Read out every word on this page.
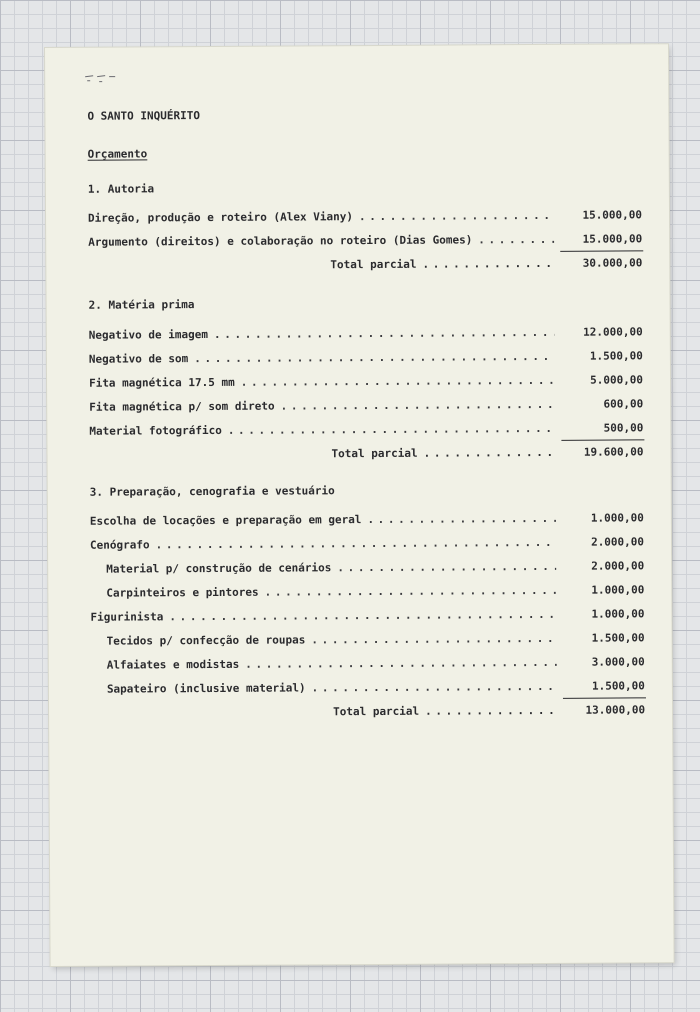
O SANTO INQUÉRITO
Orçamento
1. Autoria
Direção, produção e roteiro (Alex Viany) . . .	15.000,00
Argumento (direitos) e colaboração no roteiro (Dias Gomes) . . .	15.000,00
Total parcial . . .	30.000,00
2. Matéria prima
Negativo de imagem . . .	12.000,00
Negativo de som . . .	1.500,00
Fita magnética 17.5 mm . . .	5.000,00
Fita magnética p/ som direto . . .	600,00
Material fotográfico . . .	500,00
Total parcial . . .	19.600,00
3. Preparação, cenografia e vestuário
Escolha de locações e preparação em geral . . .	1.000,00
Cenógrafo . . .	2.000,00
Material p/ construção de cenários . . .	2.000,00
Carpinteiros e pintores . . .	1.000,00
Figurinista . . .	1.000,00
Tecidos p/ confecção de roupas . . .	1.500,00
Alfaiates e modistas . . .	3.000,00
Sapateiro (inclusive material) . . .	1.500,00
Total parcial . . .	13.000,00
